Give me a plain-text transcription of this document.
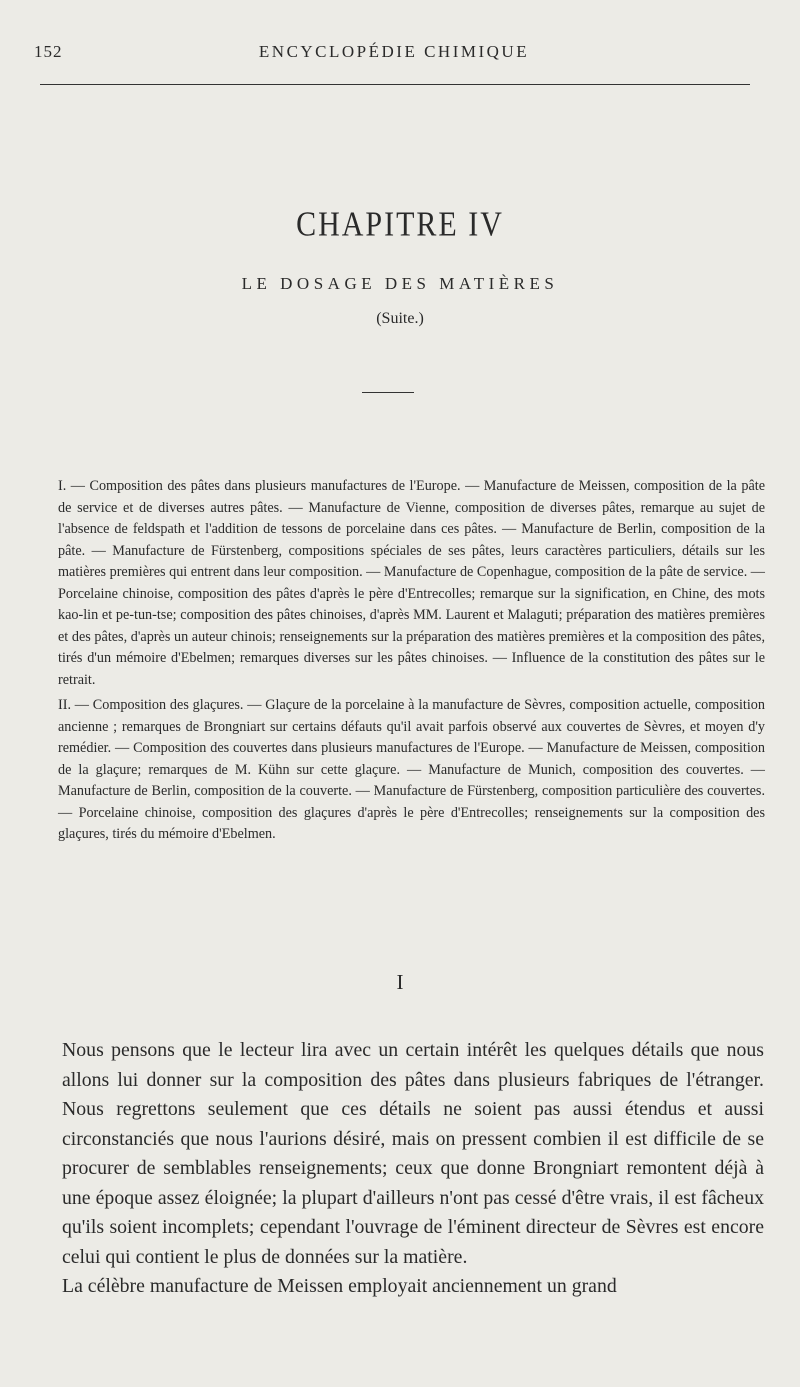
152	ENCYCLOPÉDIE CHIMIQUE
CHAPITRE IV
LE DOSAGE DES MATIÈRES
(Suite.)

I. — Composition des pâtes dans plusieurs manufactures de l'Europe. — Manufacture de Meissen, composition de la pâte de service et de diverses autres pâtes. — Manufacture de Vienne, composition de diverses pâtes, remarque au sujet de l'absence de feldspath et l'addition de tessons de porcelaine dans ces pâtes. — Manufacture de Berlin, composition de la pâte. — Manufacture de Fürstenberg, compositions spéciales de ses pâtes, leurs caractères particuliers, détails sur les matières premières qui entrent dans leur composition. — Manufacture de Copenhague, composition de la pâte de service. — Porcelaine chinoise, composition des pâtes d'après le père d'Entrecolles; remarque sur la signification, en Chine, des mots kao-lin et pe-tun-tse; composition des pâtes chinoises, d'après MM. Laurent et Malaguti; préparation des matières premières et des pâtes, d'après un auteur chinois; renseignements sur la préparation des matières premières et la composition des pâtes, tirés d'un mémoire d'Ebelmen; remarques diverses sur les pâtes chinoises. — Influence de la constitution des pâtes sur le retrait.

II. — Composition des glaçures. — Glaçure de la porcelaine à la manufacture de Sèvres, composition actuelle, composition ancienne ; remarques de Brongniart sur certains défauts qu'il avait parfois observé aux couvertes de Sèvres, et moyen d'y remédier. — Composition des couvertes dans plusieurs manufactures de l'Europe. — Manufacture de Meissen, composition de la glaçure; remarques de M. Kühn sur cette glaçure. — Manufacture de Munich, composition des couvertes. — Manufacture de Berlin, composition de la couverte. — Manufacture de Fürstenberg, composition particulière des couvertes. — Porcelaine chinoise, composition des glaçures d'après le père d'Entrecolles; renseignements sur la composition des glaçures, tirés du mémoire d'Ebelmen.

I

Nous pensons que le lecteur lira avec un certain intérêt les quelques détails que nous allons lui donner sur la composition des pâtes dans plusieurs fabriques de l'étranger. Nous regrettons seulement que ces détails ne soient pas aussi étendus et aussi circonstanciés que nous l'aurions désiré, mais on pressent combien il est difficile de se procurer de semblables renseignements; ceux que donne Brongniart remontent déjà à une époque assez éloignée; la plupart d'ailleurs n'ont pas cessé d'être vrais, il est fâcheux qu'ils soient incomplets; cependant l'ouvrage de l'éminent directeur de Sèvres est encore celui qui contient le plus de données sur la matière.

La célèbre manufacture de Meissen employait anciennement un grand
